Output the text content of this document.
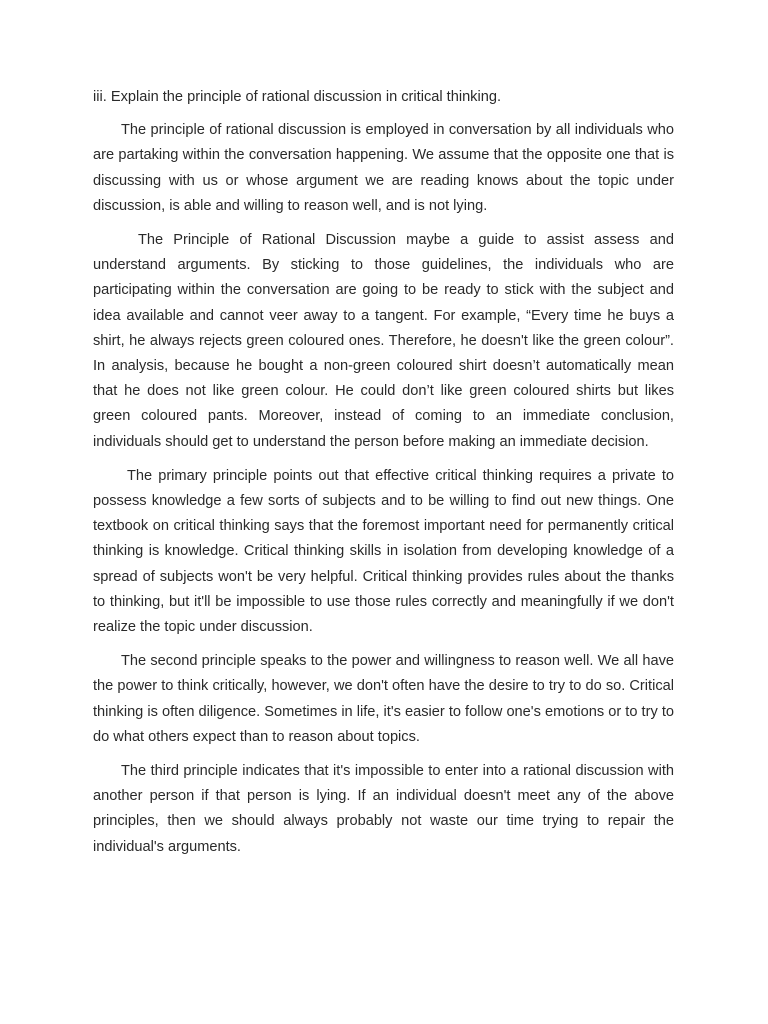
iii. Explain the principle of rational discussion in critical thinking.

The principle of rational discussion is employed in conversation by all individuals who are partaking within the conversation happening. We assume that the opposite one that is discussing with us or whose argument we are reading knows about the topic under discussion, is able and willing to reason well, and is not lying.

The Principle of Rational Discussion maybe a guide to assist assess and understand arguments. By sticking to those guidelines, the individuals who are participating within the conversation are going to be ready to stick with the subject and idea available and cannot veer away to a tangent. For example, “Every time he buys a shirt, he always rejects green coloured ones. Therefore, he doesn't like the green colour”. In analysis, because he bought a non-green coloured shirt doesn’t automatically mean that he does not like green colour. He could don’t like green coloured shirts but likes green coloured pants. Moreover, instead of coming to an immediate conclusion, individuals should get to understand the person before making an immediate decision.

The primary principle points out that effective critical thinking requires a private to possess knowledge a few sorts of subjects and to be willing to find out new things. One textbook on critical thinking says that the foremost important need for permanently critical thinking is knowledge. Critical thinking skills in isolation from developing knowledge of a spread of subjects won't be very helpful. Critical thinking provides rules about the thanks to thinking, but it'll be impossible to use those rules correctly and meaningfully if we don't realize the topic under discussion.

The second principle speaks to the power and willingness to reason well. We all have the power to think critically, however, we don't often have the desire to try to do so. Critical thinking is often diligence. Sometimes in life, it's easier to follow one's emotions or to try to do what others expect than to reason about topics.

The third principle indicates that it's impossible to enter into a rational discussion with another person if that person is lying. If an individual doesn't meet any of the above principles, then we should always probably not waste our time trying to repair the individual's arguments.
